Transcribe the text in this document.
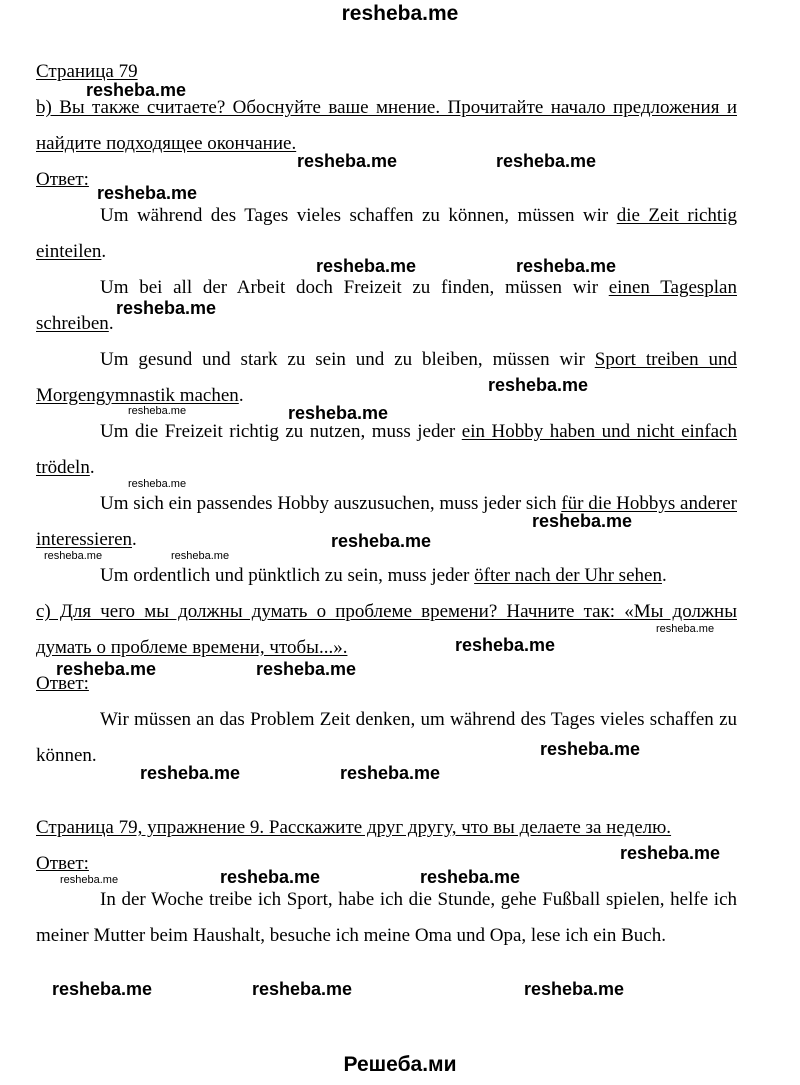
resheba.me

Страница 79

b) Вы также считаете? Обоснуйте ваше мнение. Прочитайте начало предложения и найдите подходящее окончание.

Ответ:

Um während des Tages vieles schaffen zu können, müssen wir die Zeit richtig einteilen.

Um bei all der Arbeit doch Freizeit zu finden, müssen wir einen Tagesplan schreiben.

Um gesund und stark zu sein und zu bleiben, müssen wir Sport treiben und Morgengymnastik machen.

Um die Freizeit richtig zu nutzen, muss jeder ein Hobby haben und nicht einfach trödeln.

Um sich ein passendes Hobby auszusuchen, muss jeder sich für die Hobbys anderer interessieren.

Um ordentlich und pünktlich zu sein, muss jeder öfter nach der Uhr sehen.

c) Для чего мы должны думать о проблеме времени? Начните так: «Мы должны думать о проблеме времени, чтобы...».

Ответ:

Wir müssen an das Problem Zeit denken, um während des Tages vieles schaffen zu können.

Страница 79, упражнение 9. Расскажите друг другу, что вы делаете за неделю.

Ответ:

In der Woche treibe ich Sport, habe ich die Stunde, gehe Fußball spielen, helfe ich meiner Mutter beim Haushalt, besuche ich meine Oma und Opa, lese ich ein Buch.

resheba.me
resheba.me	resheba.me
resheba.me
resheba.me	resheba.me
resheba.me
resheba.me
resheba.me	resheba.me
resheba.me
resheba.me
resheba.me
resheba.me	resheba.me
resheba.me
resheba.me
resheba.me	resheba.me
resheba.me
resheba.me	resheba.me
resheba.me
resheba.me	resheba.me	resheba.me
resheba.me	resheba.me	resheba.me
Решеба.ми
